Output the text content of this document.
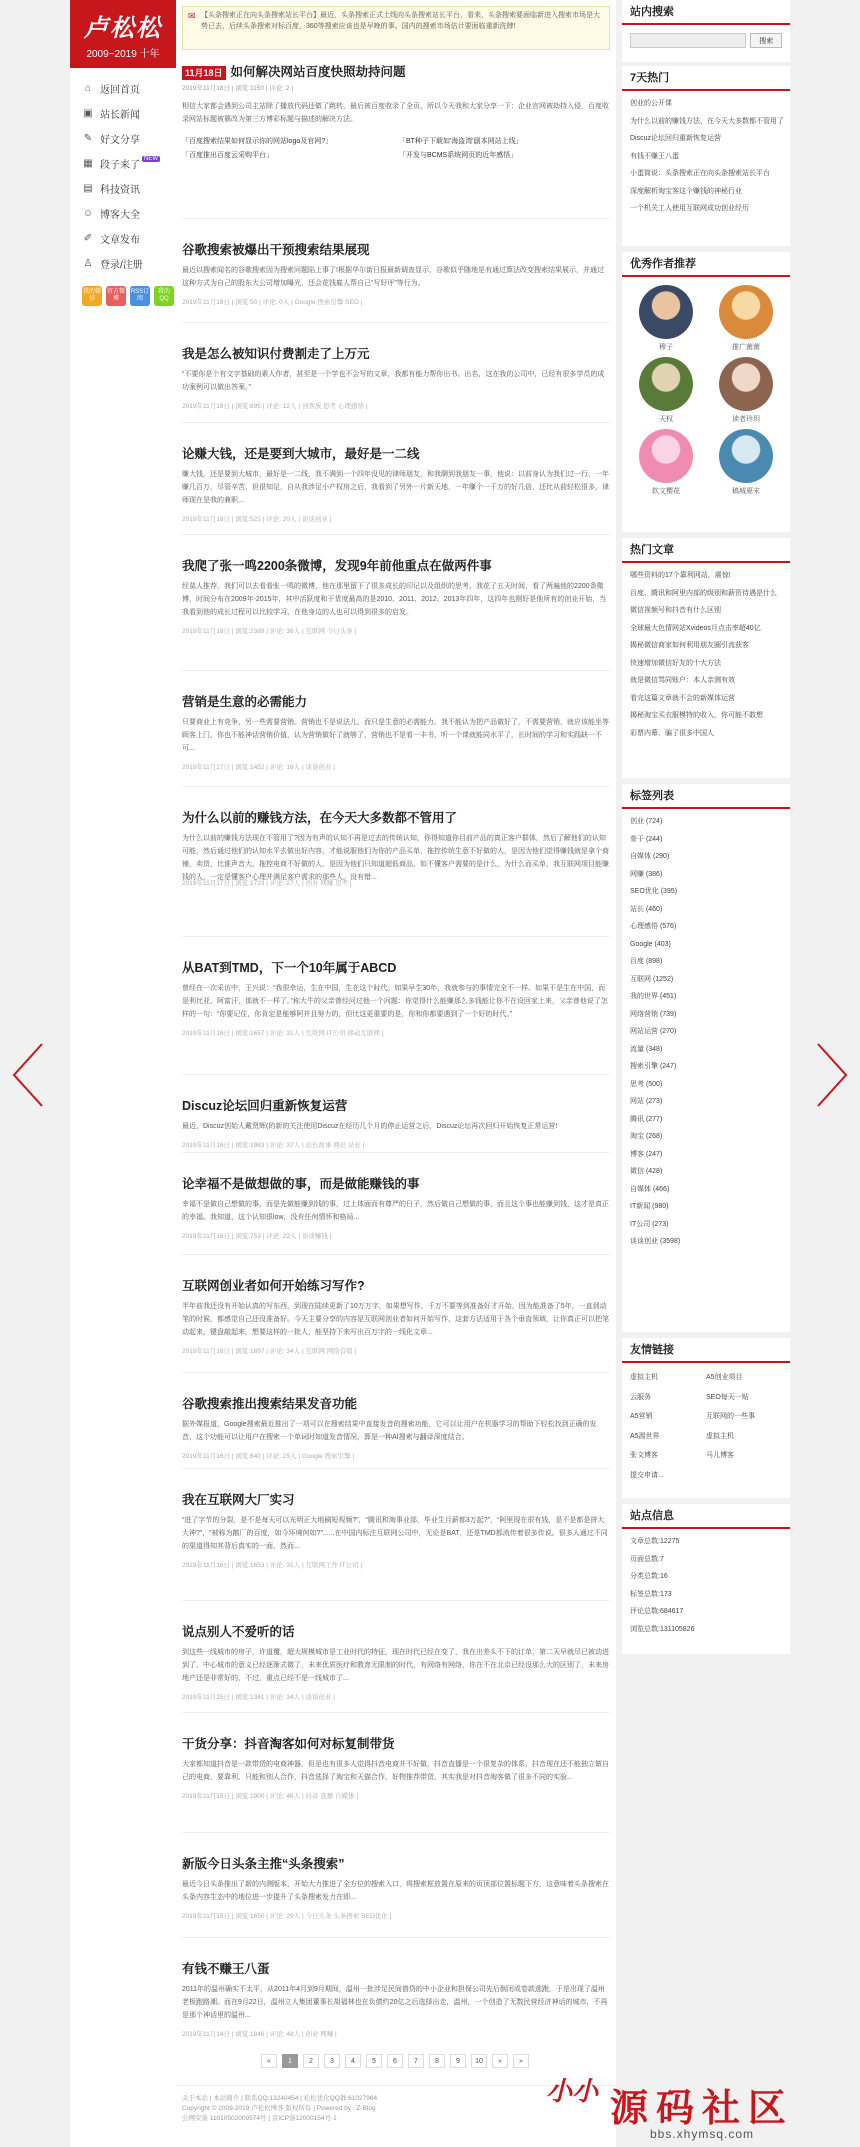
卢松松
2009~2019 十年
⌂ 返回首页
▣ 站长新闻
✎ 好文分享
▦ 段子来了
NEW
▤ 科技资讯
☺ 博客大全
✐ 文章发布
♙ 登录/注册
我的微信
官方微博
RSS订阅
我的QQ
✉ 【头条搜索正在向头条搜索站长平台】最近，头条搜索正式上线向头条搜索站长平台，看来，头条搜索要面临新进入搜索市场是大势已去，后续头条搜索对标百度，360等搜索应该也是早晚的事。国内的搜索市场估计要面临重新洗牌!
11月18日 如何解决网站百度快照劫持问题
2019年11月18日 | 浏览:1150 | 评论: 2 |

相信大家都会遇到公司主站除了播放代码还做了跳转，最后被百度收录了全页，所以今天我和大家分享一下：企业官网被劫持入侵，百度收录网站标题被篡改为第三方博彩标题与描述的解决方法。

「百度搜索结果如何显示你的网站logo及官网?」	「BT种子下载如'海盗湾'副本网站上线」
「百度推出百度云采购平台」	「开发与BCMS系统网页的近年感悟」
谷歌搜索被爆出干预搜索结果展现

最近以搜索闻名的谷歌搜索因为搜索问题陷上事了!根据华尔街日报最新调查显示，谷歌似乎随地是有通过算法改变搜索结果展示，并通过这种方式为自己的股东大公司增加曝光，还会花钱雇人帮自己“写好评”等行为。

2019年11月18日 | 浏览:50 | 评论: 0人 | Google 搜索引擎 SEO |
我是怎么被知识付费割走了上万元

“不要你是个有文字基础的素人作者，甚至是一个学也不会写的文章，我都有能力帮你出书、出名，这在我的公司中，已经有很多学员的成功案例可以做出答案。”

2019年11月18日 | 浏览:695 | 评论: 12人 | 创客族 思考 心理感悟 |
论赚大钱，还是要到大城市，最好是一二线

赚大钱，还是要到大城市，最好是一二线，我不满到一个四年没见的律师朋友，和我聊到我朋友一事，他说：以前身认为我们过一行，一年赚几百万，尽管辛苦，但很知足，自从我涉足小产权房之后，我看到了另外一片新天地，一年赚个一千万的好几倍，还比从前轻松很多，律师现在是我的兼职...

2019年11月18日 | 浏览:521 | 评论: 20人 | 谈谈创业 |
我爬了张一鸣2200条微博，发现9年前他重点在做两件事

经莫人推荐，我们可以去看看张一鸣的微博，他在那里留下了很多成长的印记以及组织的思考。我花了五天时间，看了两遍他的2200条微博，时间分布在2009年-2015年，其中活跃度和干货度最高的是2010、2011、2012、2013年四年，这四年也刚好是他所有的创业开始，当我看到他的成长过程可以比较学习，在他身边的人也可以得到很多的启发。

2019年11月18日 | 浏览:2389 | 评论: 36人 | 互联网 今日头条 |
营销是生意的必需能力

只要商业上有竞争，另一些需要营销。营销也不是说法儿，而只是生意的必需能力。我不能认为把产品做好了，不需要营销，就应该能坐等顾客上门，你也不能神话营销价值，认为营销做好了就够了，营销也不是看一丰书，听一个课就能同水平了，长时间的学习和实践缺一不可...

2019年11月17日 | 浏览:1452 | 评论: 16人 | 谈谈创业 |
为什么以前的赚钱方法，在今天大多数都不管用了

为什么以前的赚钱方法现在不管用了?因为有声的认知不再是过去的传统认知，你得知道你目前产品的真正客户群体，然后了解他们的认知可能，然后通过他们的认知水平去做出好内容，才能说服他们为你的产品买单，拖控传统生意不好做的人，是因为他们觉得赚钱就是拿个商铺，卖货，比谁声音大，拖控电商不好做的人，是因为他们只知道超低商品，如不懂客户需要的是什么，为什么而买单，我互联网项目能赚钱的人，一定是懂客户心理并满足客户需求的那些人。没有错...

2019年11月17日 | 浏览:2723 | 评论: 27人 | 创业 网赚 思考 |
从BAT到TMD，下一个10年属于ABCD

曾经在一次采访中，王兴说：“我很幸运，生在中国，生在这个时代。如果早生30年，我就参与的事情完全不一样。如果不是生在中国，而是利比亚、阿富汗，那就不一样了。”称大牛的父亲曾经问过他一个问题：你觉得什么能赚那么多钱能让你不在设回家上来，父亲曾他说了怎样的一句：“你要记住，你肯定是能够阿并且努力的，但比这更重要的是，你和你都要遇到了一个好的时代。”

2019年11月16日 | 浏览:1657 | 评论: 31人 | 互联网 IT公司 移动互联网 |
Discuz论坛回归重新恢复运营

最近，Discuz创始人戴贤辉(的新的关注使用Discuz在经历几个月的停止运营之后，Discuz论坛再次回归开始恢复正常运营!

2019年11月16日 | 浏览:1983 | 评论: 37人 | 站长故事 网站 站长 |
论幸福不是做想做的事，而是做能赚钱的事

幸福不是做自己想做的事，而是先做能赚到钱的事，过上体面而有尊严的日子，然后做自己想做的事，而且这个事也能赚到钱，这才是真正的幸福。我知道，这个认知很low，没有任何情怀和格局...

2019年11月16日 | 浏览:753 | 评论: 22人 | 谈谈赚钱 |
互联网创业者如何开始练习写作?

半年前我还没有开始认真的写东西，到现在陆续更新了10万万字，如果想写作，千万不要等到准备好才开始，因为能准备了5年，一直到动笔的时候，都感觉自己还没准备好。今天主要分享的内容是互联网创业者如何开始写作，这套方法适用于各个垂直领域，让你真正可以把笔动起来，键盘敲起来，想要这样的一批人，能坚持下来写出百万字的一线化文章...

2019年11月16日 | 浏览:1897 | 评论: 34人 | 互联网 网络营销 |
谷歌搜索推出搜索结果发音功能

据外媒报道，Google搜索最近推出了一项可以在搜索结果中直接发音的搜索功能，它可以让用户在机器学习的帮助下轻松找到正确的发音，这个功能可以让用户在搜索一个单词时知道发音情况，算是一种AI搜索与翻译深度结合。

2019年11月16日 | 浏览:640 | 评论: 25人 | Google 搜索引擎 |
我在互联网大厂实习

“进了字节的分裂，是不是每天可以光明正大地刷短视频?”，“腾讯和淘事业部，毕业生月薪都3万起?”，“阿里现在很有钱，是不是都是拼大大神?”，“被称为鹅厂的百度，如今环境何如?”......在中国内标注互联网公司中，无论是BAT，还是TMD都流传着很多传说。很多人通过不同的渠道得知其背后真实的一面，然而...

2019年11月16日 | 浏览:1653 | 评论: 31人 | 互联网工作 IT公司 |
说点别人不爱听的话

到这些一线城市的房子，许道覆，超大规模城市是工业时代的特征，现在时代已经在变了，我在出差头不下的订单，第二天早就尽已被动进到了，中心城市的意义已经逐渐式微了，未来优质医疗和教育无限制的时代，有网络有网络，你在不在北京已经没那么大的区别了，未来房地产还是非常好的，不过，重点已经不是一线城市了...

2019年11月15日 | 浏览:1361 | 评论: 34人 | 谈谈创业 |
干货分享：抖音淘客如何对标复制带货

大家都知道抖音是一款带货的电商神器，但是也有很多人觉得抖音电商并不好做，抖音直播是一个很复杂的体系，抖音现在还不能独立做自己的电商，要靠利、只能和别人合作，抖音选择了淘宝和天猫合作，好物推荐带货，其实我是对抖音淘客做了很多不同的实验...

2019年11月15日 | 浏览:1900 | 评论: 46人 | 抖音 直播 自媒体 |
新版今日头条主推“头条搜索”

最近今日头条推出了新的内测版本，开始大力推进了全方位的搜索入口，将搜索框放置在原来的页顶部位置标题下方，这意味着头条搜索在头条内容生态中的地位进一步提升了头条搜索发力在即...

2019年11月15日 | 浏览:1650 | 评论: 29人 | 今日头条 头条搜索 SEO优化 |
有钱不赚王八蛋

2011年的温州确实不太平，从2011年4月到9月期间，温州一批涉足民间借贷的中小企业和担保公司先后倒闭或卷款逃跑，于是出现了温州老板跑路潮。而在9月22日，温州立人集团董事长胡福林也在负债约20亿之后选择出走，温州，一个创造了无数民营经济神话的城市，不再是那个神话里的温州...

2019年11月14日 | 浏览:1846 | 评论: 48人 | 创业 网赚 |
«	1	2	3	4	5	6	7	8	9	10	»	»
关于本站 | 本站简介 | 联系QQ:13240454 | 松松优化QQ群:61027964
Copyright © 2009-2019 卢松松博客 版权所有 | Powered by : Z-Blog
公网安备 11010502009574号 | 京ICP备12000154号-1
站内搜索
搜索
7天热门
创业的公开课
为什么以前的赚钱方法，在今天大多数都不管用了
Discuz论坛回归重新恢复运营
有钱不赚王八蛋
小蛋筒说：头条搜索正在向头条搜索站长平台
深度解析淘宝客这个赚钱的神秘行业
一个机关工人使用互联网成功创业经历
优秀作者推荐
穆子	推广菌菌
天权	读者玲玥
软文樱花	稿城夏末
热门文章
哪些资料的17个靠利网站，震惊!
百度、腾讯和阿里内部的级别和薪资待遇是什么
微信视频号和抖音有什么区别
全球最大色情网站Xvideos月点击率超40亿
揭秘微信商家如何利用朋友圈引流获客
快速增加微信好友的十大方法
就是微信骂同账户：本人亲测有效
看完这篇文章就不会的新媒体运营
揭秘淘宝买衣服模特的收入，你可能不敢想
彩票内幕，骗了很多中国人
标签列表
创业 (724)
骨干 (244)
自媒体 (290)
网赚 (386)
SEO优化 (395)
站长 (460)
心理感悟 (576)
Google (403)
百度 (898)
互联网 (1252)
我的世界 (451)
网络营销 (739)
网站运营 (270)
流量 (348)
搜索引擎 (247)
思考 (500)
网站 (273)
腾讯 (277)
淘宝 (268)
博客 (247)
微信 (428)
自媒体 (466)
IT新闻 (980)
IT公司 (273)
谈谈创业 (3598)
友情链接
虚拟主机	A5创业项目
云服务	SEO每天一贴
A5营销	互联网的一些事
A5源世界	虚拟主机
张文博客	马儿博客
提交申请...
站点信息
文章总数:12275
页面总数:7
分类总数:16
标签总数:173
评论总数:684617
浏览总数:131105826
小小 源码社区
bbs.xhymsq.com
